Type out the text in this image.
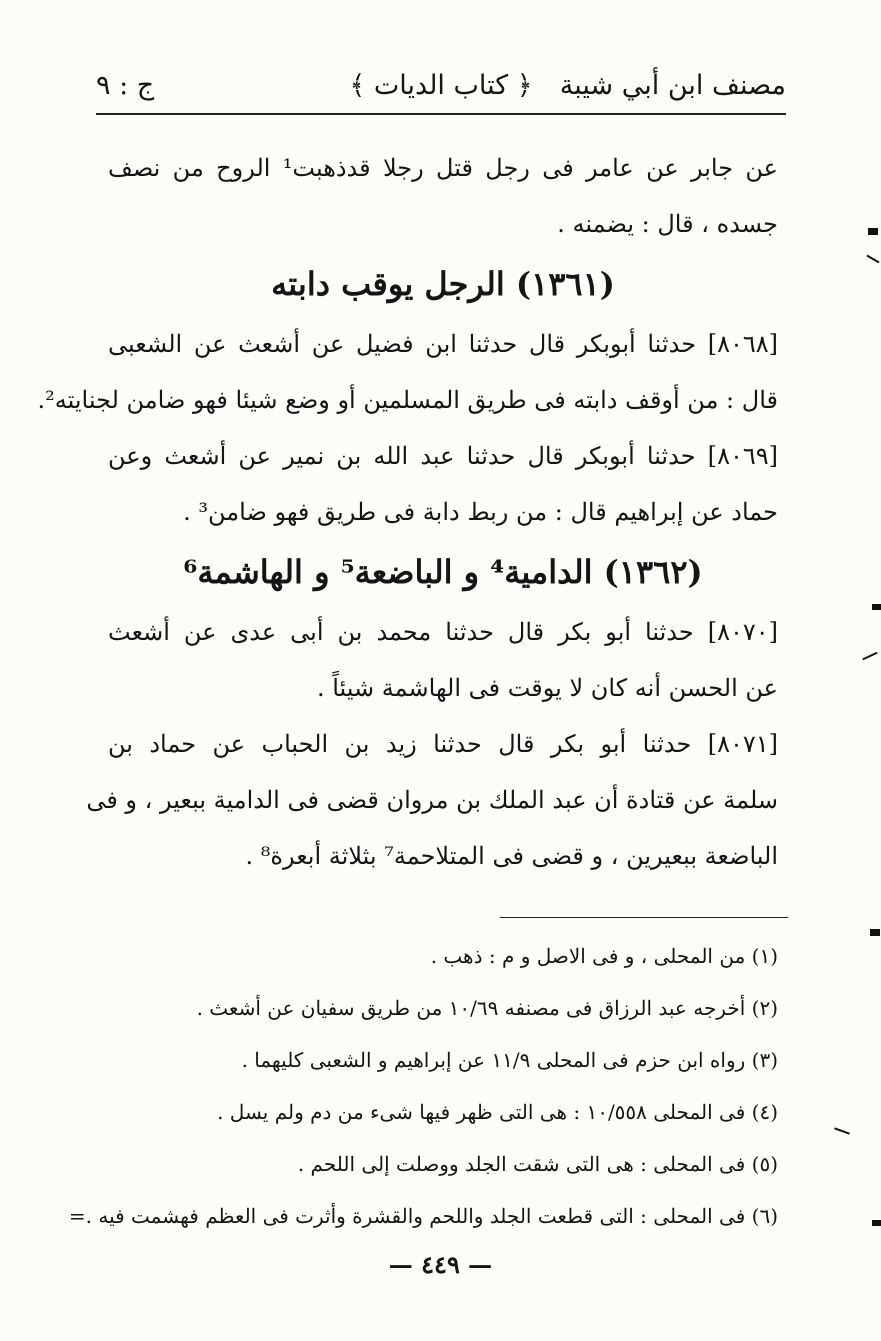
مصنف ابن أبي شيبة
﴿ كتاب الديات ﴾
ج : ٩
عن جابر عن عامر فى رجل قتل رجلا قدذهبت¹ الروح من نصف
جسده ، قال : يضمنه .
(١٣٦١) الرجل يوقب دابته
[٨٠٦٨] حدثنا أبوبكر قال حدثنا ابن فضيل عن أشعث عن الشعبى
قال : من أوقف دابته فى طريق المسلمين أو وضع شيئا فهو ضامن لجنايته².
[٨٠٦٩] حدثنا أبوبكر قال حدثنا عبد الله بن نمير عن أشعث وعن
حماد عن إبراهيم قال : من ربط دابة فى طريق فهو ضامن³ .
(١٣٦٢) الدامية⁴ و الباضعة⁵ و الهاشمة⁶
[٨٠٧٠] حدثنا أبو بكر قال حدثنا محمد بن أبى عدى عن أشعث
عن الحسن أنه كان لا يوقت فى الهاشمة شيئاً .
[٨٠٧١] حدثنا أبو بكر قال حدثنا زيد بن الحباب عن حماد بن
سلمة عن قتادة أن عبد الملك بن مروان قضى فى الدامية ببعير ، و فى
الباضعة ببعيرين ، و قضى فى المتلاحمة⁷ بثلاثة أبعرة⁸ .
(١) من المحلى ، و فى الاصل و م : ذهب .
(٢) أخرجه عبد الرزاق فى مصنفه ١٠/٦٩ من طريق سفيان عن أشعث .
(٣) رواه ابن حزم فى المحلى ١١/٩ عن إبراهيم و الشعبى كليهما .
(٤) فى المحلى ١٠/٥٥٨ : هى التى ظهر فيها شىء من دم ولم يسل .
(٥) فى المحلى : هى التى شقت الجلد ووصلت إلى اللحم .
(٦) فى المحلى : التى قطعت الجلد واللحم والقشرة وأثرت فى العظم فهشمت فيه .=
— ٤٤٩ —
